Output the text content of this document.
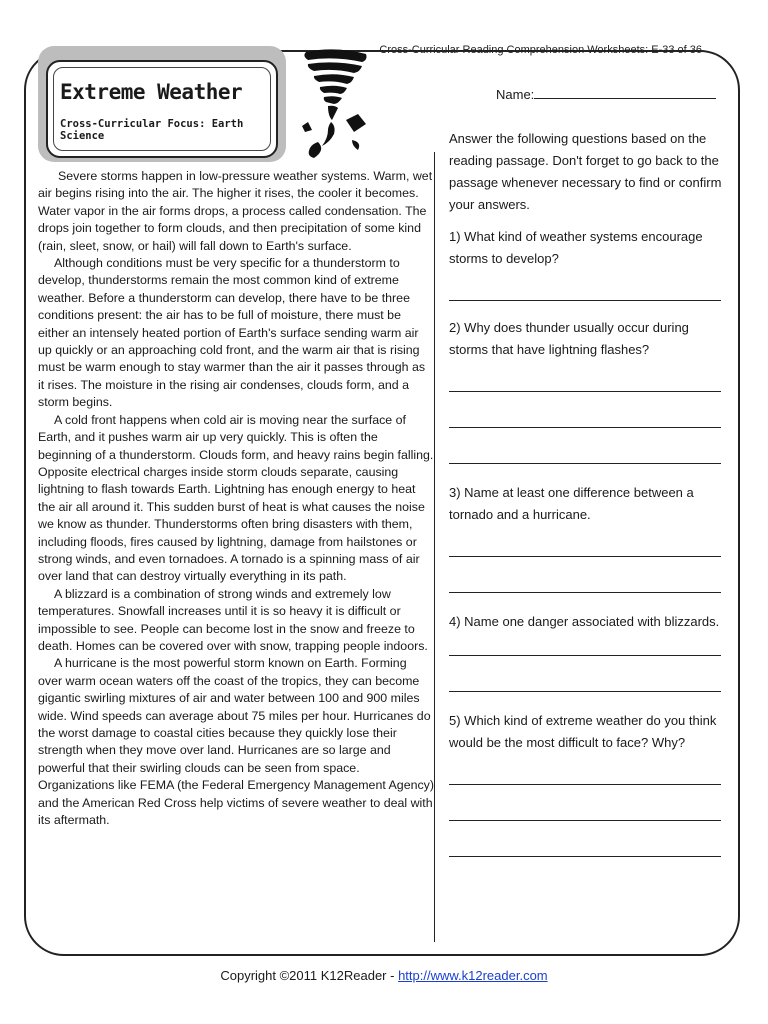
Cross-Curricular Reading Comprehension Worksheets: E-33 of 36
Extreme Weather
Cross-Curricular Focus: Earth Science
Name:

Severe storms happen in low-pressure weather systems. Warm, wet air begins rising into the air. The higher it rises, the cooler it becomes. Water vapor in the air forms drops, a process called condensation. The drops join together to form clouds, and then precipitation of some kind (rain, sleet, snow, or hail) will fall down to Earth's surface.

Although conditions must be very specific for a thunderstorm to develop, thunderstorms remain the most common kind of extreme weather. Before a thunderstorm can develop, there have to be three conditions present: the air has to be full of moisture, there must be either an intensely heated portion of Earth's surface sending warm air up quickly or an approaching cold front, and the warm air that is rising must be warm enough to stay warmer than the air it passes through as it rises. The moisture in the rising air condenses, clouds form, and a storm begins.

A cold front happens when cold air is moving near the surface of Earth, and it pushes warm air up very quickly. This is often the beginning of a thunderstorm. Clouds form, and heavy rains begin falling. Opposite electrical charges inside storm clouds separate, causing lightning to flash towards Earth. Lightning has enough energy to heat the air all around it. This sudden burst of heat is what causes the noise we know as thunder. Thunderstorms often bring disasters with them, including floods, fires caused by lightning, damage from hailstones or strong winds, and even tornadoes. A tornado is a spinning mass of air over land that can destroy virtually everything in its path.

A blizzard is a combination of strong winds and extremely low temperatures. Snowfall increases until it is so heavy it is difficult or impossible to see. People can become lost in the snow and freeze to death. Homes can be covered over with snow, trapping people indoors.

A hurricane is the most powerful storm known on Earth. Forming over warm ocean waters off the coast of the tropics, they can become gigantic swirling mixtures of air and water between 100 and 900 miles wide. Wind speeds can average about 75 miles per hour. Hurricanes do the worst damage to coastal cities because they quickly lose their strength when they move over land. Hurricanes are so large and powerful that their swirling clouds can be seen from space. Organizations like FEMA (the Federal Emergency Management Agency) and the American Red Cross help victims of severe weather to deal with its aftermath.

Answer the following questions based on the reading passage. Don't forget to go back to the passage whenever necessary to find or confirm your answers.

1) What kind of weather systems encourage storms to develop?

2) Why does thunder usually occur during storms that have lightning flashes?

3) Name at least one difference between a tornado and a hurricane.

4) Name one danger associated with blizzards.

5) Which kind of extreme weather do you think would be the most difficult to face? Why?

Copyright ©2011 K12Reader - http://www.k12reader.com
